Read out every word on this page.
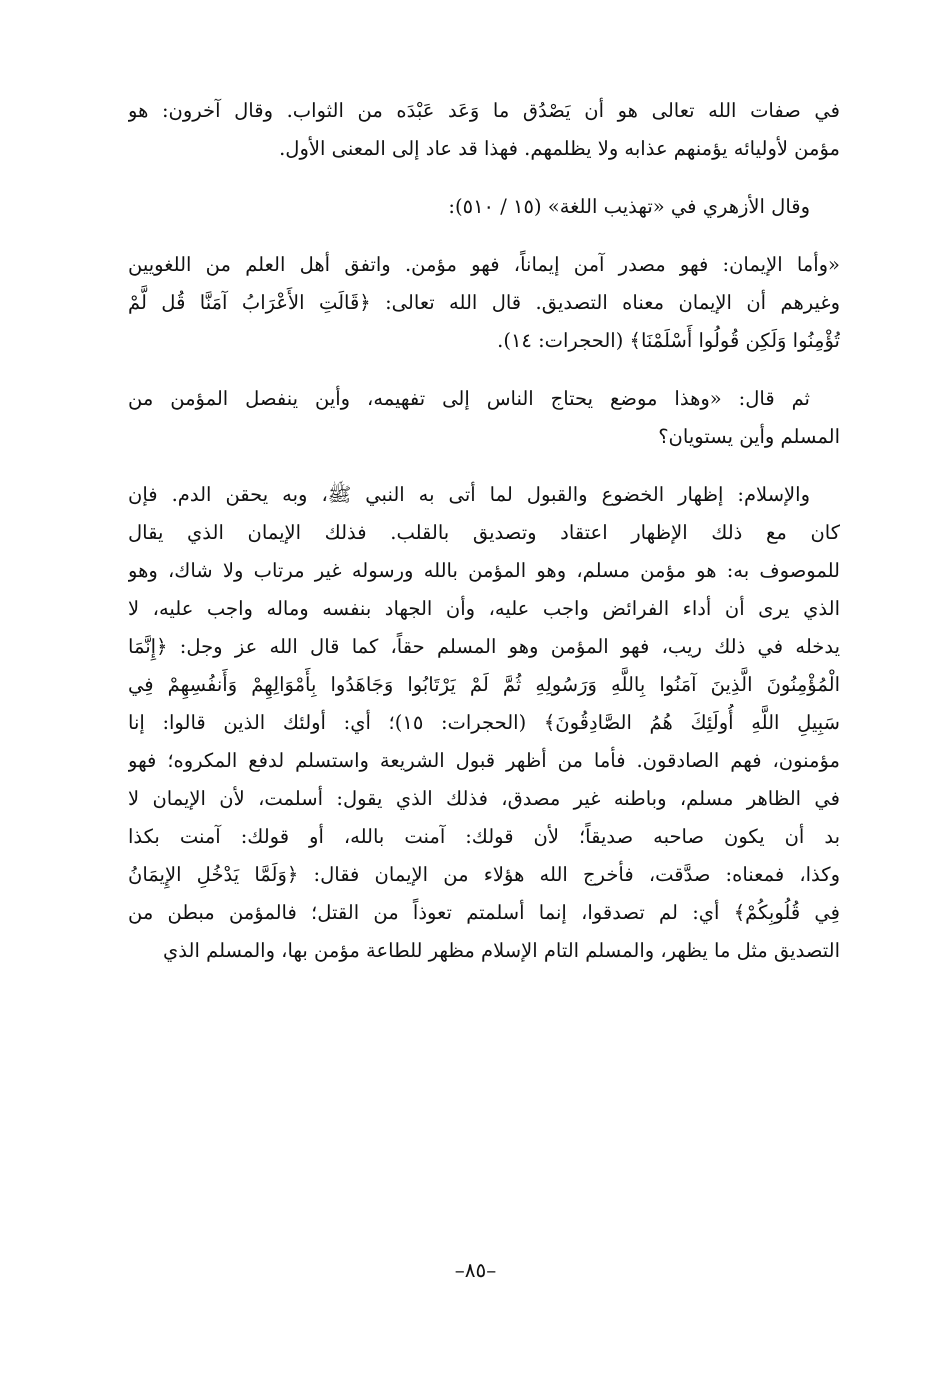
في صفات الله تعالى هو أن يَصْدُق ما وَعَد عَبْدَه من الثواب. وقال آخرون: هو
مؤمن لأوليائه يؤمنهم عذابه ولا يظلمهم. فهذا قد عاد إلى المعنى الأول.
وقال الأزهري في «تهذيب اللغة» (١٥ / ٥١٠):
«وأما الإيمان: فهو مصدر آمن إيماناً، فهو مؤمن. واتفق أهل العلم من اللغويين
وغيرهم أن الإيمان معناه التصديق. قال الله تعالى: ﴿قَالَتِ الأَعْرَابُ آمَنَّا قُل لَّمْ
تُؤْمِنُوا وَلَكِن قُولُوا أَسْلَمْنَا﴾ (الحجرات: ١٤).
ثم قال: «وهذا موضع يحتاج الناس إلى تفهيمه، وأين ينفصل المؤمن من
المسلم وأين يستويان؟
والإسلام: إظهار الخضوع والقبول لما أتى به النبي ﷺ، وبه يحقن الدم. فإن
كان مع ذلك الإظهار اعتقاد وتصديق بالقلب. فذلك الإيمان الذي يقال
للموصوف به: هو مؤمن مسلم، وهو المؤمن بالله ورسوله غير مرتاب ولا شاك، وهو
الذي يرى أن أداء الفرائض واجب عليه، وأن الجهاد بنفسه وماله واجب عليه، لا
يدخله في ذلك ريب، فهو المؤمن وهو المسلم حقاً، كما قال الله عز وجل: ﴿إِنَّمَا
الْمُؤْمِنُونَ الَّذِينَ آمَنُوا بِاللَّهِ وَرَسُولِهِ ثُمَّ لَمْ يَرْتَابُوا وَجَاهَدُوا بِأَمْوَالِهِمْ وَأَنفُسِهِمْ فِي
سَبِيلِ اللَّهِ أُولَئِكَ هُمُ الصَّادِقُونَ﴾ (الحجرات: ١٥)؛ أي: أولئك الذين قالوا: إنا
مؤمنون، فهم الصادقون. فأما من أظهر قبول الشريعة واستسلم لدفع المكروه؛ فهو
في الظاهر مسلم، وباطنه غير مصدق، فذلك الذي يقول: أسلمت، لأن الإيمان لا
بد أن يكون صاحبه صديقاً؛ لأن قولك: آمنت بالله، أو قولك: آمنت بكذا
وكذا، فمعناه: صدَّقت، فأخرج الله هؤلاء من الإيمان فقال: ﴿وَلَمَّا يَدْخُلِ الإِيمَانُ
فِي قُلُوبِكُمْ﴾ أي: لم تصدقوا، إنما أسلمتم تعوذاً من القتل؛ فالمؤمن مبطن من
التصديق مثل ما يظهر، والمسلم التام الإسلام مظهر للطاعة مؤمن بها، والمسلم الذي
–٨٥–
